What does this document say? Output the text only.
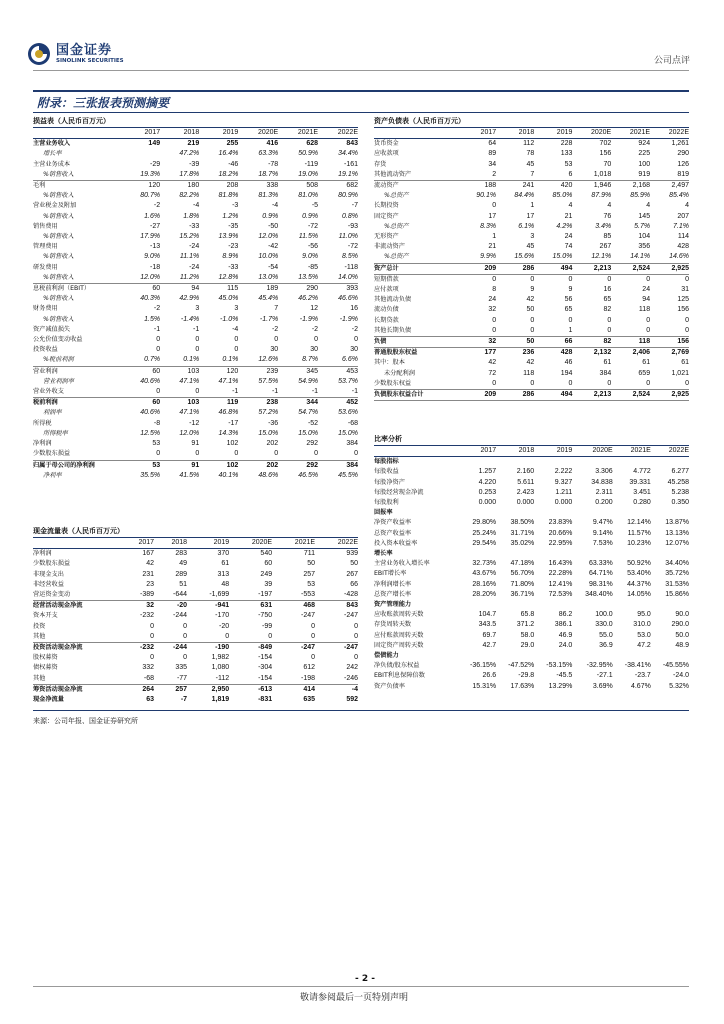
国金证券
SINOLINK SECURITIES	公司点评
附录：三张报表预测摘要
损益表（人民币百万元）
	2017	2018	2019	2020E	2021E	2022E
主营业务收入	149	219	255	416	628	843
增长率		47.2%	16.4%	63.3%	50.9%	34.4%
主营业务成本	-29	-39	-46	-78	-119	-161
%销售收入	19.3%	17.8%	18.2%	18.7%	19.0%	19.1%
毛利	120	180	208	338	508	682
%销售收入	80.7%	82.2%	81.8%	81.3%	81.0%	80.9%
营业税金及附加	-2	-4	-3	-4	-5	-7
%销售收入	1.6%	1.8%	1.2%	0.9%	0.9%	0.8%
销售费用	-27	-33	-35	-50	-72	-93
%销售收入	17.9%	15.2%	13.9%	12.0%	11.5%	11.0%
管理费用	-13	-24	-23	-42	-56	-72
%销售收入	9.0%	11.1%	8.9%	10.0%	9.0%	8.5%
研发费用	-18	-24	-33	-54	-85	-118
%销售收入	12.0%	11.2%	12.8%	13.0%	13.5%	14.0%
息税前利润（EBIT）	60	94	115	189	290	393
%销售收入	40.3%	42.9%	45.0%	45.4%	46.2%	46.6%
财务费用	-2	3	3	7	12	16
%销售收入	1.5%	-1.4%	-1.0%	-1.7%	-1.9%	-1.9%
资产减值损失	-1	-1	-4	-2	-2	-2
公允价值变动收益	0	0	0	0	0	0
投资收益	0	0	0	30	30	30
%税前利润	0.7%	0.1%	0.1%	12.6%	8.7%	6.6%
营业利润	60	103	120	239	345	453
营业利润率	40.6%	47.1%	47.1%	57.5%	54.9%	53.7%
营业外收支	0	0	-1	-1	-1	-1
税前利润	60	103	119	238	344	452
利润率	40.6%	47.1%	46.8%	57.2%	54.7%	53.6%
所得税	-8	-12	-17	-36	-52	-68
所得税率	12.5%	12.0%	14.3%	15.0%	15.0%	15.0%
净利润	53	91	102	202	292	384
少数股东损益	0	0	0	0	0	0
归属于母公司的净利润	53	91	102	202	292	384
净利率	35.5%	41.5%	40.1%	48.6%	46.5%	45.5%
现金流量表（人民币百万元）
	2017	2018	2019	2020E	2021E	2022E
净利润	167	283	370	540	711	939
少数股东损益	42	49	61	60	50	50
非现金支出	231	289	313	249	257	267
非经营收益	23	51	48	39	53	66
营运资金变动	-389	-644	-1,699	-197	-553	-428
经营活动现金净流	32	-20	-941	631	468	843
资本开支	-232	-244	-170	-750	-247	-247
投资	0	0	-20	-99	0	0
其他	0	0	0	0	0	0
投资活动现金净流	-232	-244	-190	-849	-247	-247
股权募资	0	0	1,982	-154	0	0
债权募资	332	335	1,080	-304	612	242
其他	-68	-77	-112	-154	-198	-246
筹资活动现金净流	264	257	2,950	-613	414	-4
现金净流量	63	-7	1,819	-831	635	592
资产负债表（人民币百万元）
	2017	2018	2019	2020E	2021E	2022E
货币资金	64	112	228	702	924	1,261
应收款项	89	78	133	156	225	290
存货	34	45	53	70	100	126
其他流动资产	2	7	6	1,018	919	819
流动资产	188	241	420	1,946	2,168	2,497
%总资产	90.1%	84.4%	85.0%	87.9%	85.9%	85.4%
长期投资	0	1	4	4	4	4
固定资产	17	17	21	76	145	207
%总资产	8.3%	6.1%	4.2%	3.4%	5.7%	7.1%
无形资产	1	3	24	85	104	114
非流动资产	21	45	74	267	356	428
%总资产	9.9%	15.6%	15.0%	12.1%	14.1%	14.6%
资产总计	209	286	494	2,213	2,524	2,925
短期借款	0	0	0	0	0	0
应付款项	8	9	9	16	24	31
其他流动负债	24	42	56	65	94	125
流动负债	32	50	65	82	118	156
长期贷款	0	0	0	0	0	0
其他长期负债	0	0	1	0	0	0
负债	32	50	66	82	118	156
普通股股东权益	177	236	428	2,132	2,406	2,769
其中：股本	42	42	46	61	61	61
未分配利润	72	118	194	384	659	1,021
少数股东权益	0	0	0	0	0	0
负债股东权益合计	209	286	494	2,213	2,524	2,925
比率分析
	2017	2018	2019	2020E	2021E	2022E
每股指标						
每股收益	1.257	2.160	2.222	3.306	4.772	6.277
每股净资产	4.220	5.611	9.327	34.838	39.331	45.258
每股经营现金净流	0.253	2.423	1.211	2.311	3.451	5.238
每股股利	0.000	0.000	0.000	0.200	0.280	0.350
回报率						
净资产收益率	29.80%	38.50%	23.83%	9.47%	12.14%	13.87%
总资产收益率	25.24%	31.71%	20.66%	9.14%	11.57%	13.13%
投入资本收益率	29.54%	35.02%	22.95%	7.53%	10.23%	12.07%
增长率						
主营业务收入增长率	32.73%	47.18%	16.43%	63.33%	50.92%	34.40%
EBIT增长率	43.67%	56.70%	22.28%	64.71%	53.40%	35.72%
净利润增长率	28.16%	71.80%	12.41%	98.31%	44.37%	31.53%
总资产增长率	28.20%	36.71%	72.53%	348.40%	14.05%	15.86%
资产管理能力						
应收账款周转天数	104.7	65.8	86.2	100.0	95.0	90.0
存货周转天数	343.5	371.2	386.1	330.0	310.0	290.0
应付账款周转天数	69.7	58.0	46.9	55.0	53.0	50.0
固定资产周转天数	42.7	29.0	24.0	36.9	47.2	48.9
偿债能力						
净负债/股东权益	-36.15%	-47.52%	-53.15%	-32.95%	-38.41%	-45.55%
EBIT利息保障倍数	26.6	-29.8	-45.5	-27.1	-23.7	-24.0
资产负债率	15.31%	17.63%	13.29%	3.69%	4.67%	5.32%
来源：公司年报、国金证券研究所
- 2 -
敬请参阅最后一页特别声明
